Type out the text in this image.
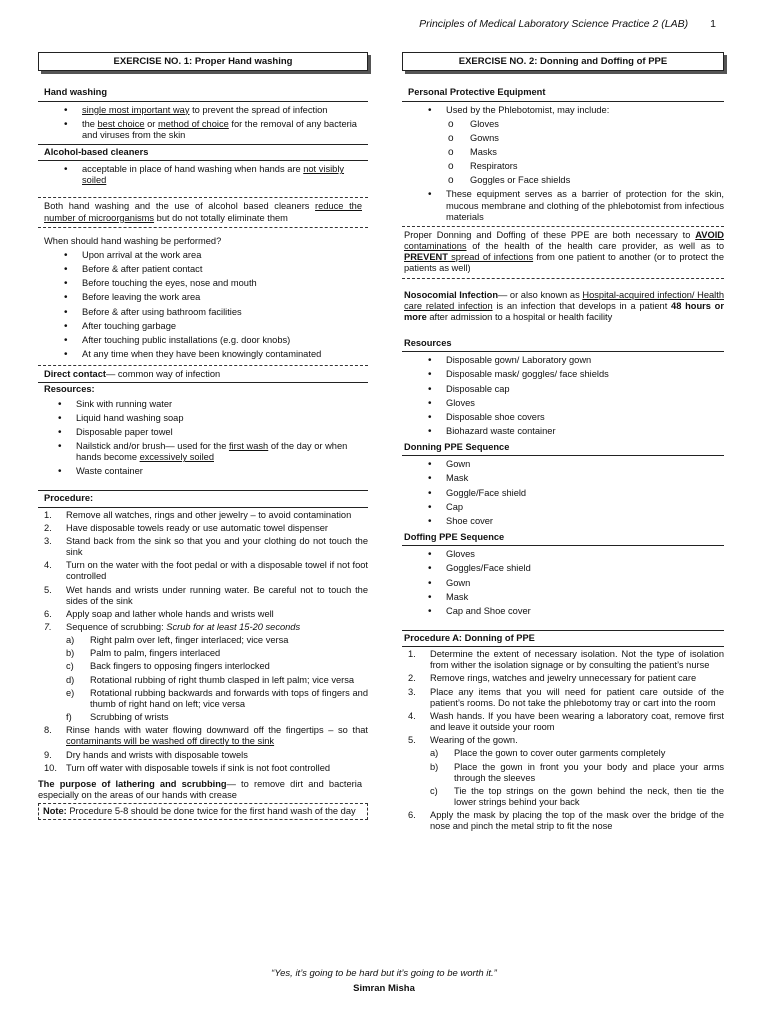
Principles of Medical Laboratory Science Practice 2 (LAB) 1
EXERCISE NO. 1: Proper Hand washing
Hand washing
• single most important way to prevent the spread of infection
• the best choice or method of choice for the removal of any bacteria and viruses from the skin
Alcohol-based cleaners
• acceptable in place of hand washing when hands are not visibly soiled
Both hand washing and the use of alcohol based cleaners reduce the number of microorganisms but do not totally eliminate them
When should hand washing be performed?
• Upon arrival at the work area
• Before & after patient contact
• Before touching the eyes, nose and mouth
• Before leaving the work area
• Before & after using bathroom facilities
• After touching garbage
• After touching public installations (e.g. door knobs)
• At any time when they have been knowingly contaminated
Direct contact— common way of infection
Resources:
• Sink with running water
• Liquid hand washing soap
• Disposable paper towel
• Nailstick and/or brush— used for the first wash of the day or when hands become excessively soiled
• Waste container
Procedure:
1. Remove all watches, rings and other jewelry – to avoid contamination
2. Have disposable towels ready or use automatic towel dispenser
3. Stand back from the sink so that you and your clothing do not touch the sink
4. Turn on the water with the foot pedal or with a disposable towel if not foot controlled
5. Wet hands and wrists under running water. Be careful not to touch the sides of the sink
6. Apply soap and lather whole hands and wrists well
7. Sequence of scrubbing: Scrub for at least 15-20 seconds
a) Right palm over left, finger interlaced; vice versa
b) Palm to palm, fingers interlaced
c) Back fingers to opposing fingers interlocked
d) Rotational rubbing of right thumb clasped in left palm; vice versa
e) Rotational rubbing backwards and forwards with tops of fingers and thumb of right hand on left; vice versa
f) Scrubbing of wrists
8. Rinse hands with water flowing downward off the fingertips – so that contaminants will be washed off directly to the sink
9. Dry hands and wrists with disposable towels
10. Turn off water with disposable towels if sink is not foot controlled
The purpose of lathering and scrubbing— to remove dirt and bacteria especially on the areas of our hands with crease
Note: Procedure 5-8 should be done twice for the first hand wash of the day
EXERCISE NO. 2: Donning and Doffing of PPE
Personal Protective Equipment
• Used by the Phlebotomist, may include:
o Gloves
o Gowns
o Masks
o Respirators
o Goggles or Face shields
• These equipment serves as a barrier of protection for the skin, mucous membrane and clothing of the phlebotomist from infectious materials
Proper Donning and Doffing of these PPE are both necessary to AVOID contaminations of the health of the health care provider, as well as to PREVENT spread of infections from one patient to another (or to protect the patients as well)
Nosocomial Infection— or also known as Hospital-acquired infection/ Health care related infection is an infection that develops in a patient 48 hours or more after admission to a hospital or health facility
Resources
• Disposable gown/ Laboratory gown
• Disposable mask/ goggles/ face shields
• Disposable cap
• Gloves
• Disposable shoe covers
• Biohazard waste container
Donning PPE Sequence
• Gown
• Mask
• Goggle/Face shield
• Cap
• Shoe cover
Doffing PPE Sequence
• Gloves
• Goggles/Face shield
• Gown
• Mask
• Cap and Shoe cover
Procedure A: Donning of PPE
1. Determine the extent of necessary isolation. Not the type of isolation from wither the isolation signage or by consulting the patient’s nurse
2. Remove rings, watches and jewelry unnecessary for patient care
3. Place any items that you will need for patient care outside of the patient’s rooms. Do not take the phlebotomy tray or cart into the room
4. Wash hands. If you have been wearing a laboratory coat, remove first and leave it outside your room
5. Wearing of the gown.
a) Place the gown to cover outer garments completely
b) Place the gown in front you your body and place your arms through the sleeves
c) Tie the top strings on the gown behind the neck, then tie the lower strings behind your back
6. Apply the mask by placing the top of the mask over the bridge of the nose and pinch the metal strip to fit the nose
“Yes, it’s going to be hard but it’s going to be worth it.”
Simran Misha
